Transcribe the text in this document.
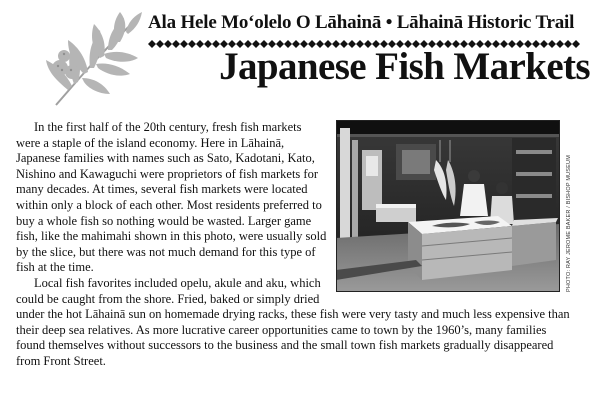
Ala Hele Moʻolelo O Lāhainā • Lāhainā Historic Trail
Japanese Fish Markets
PHOTO: RAY JEROME BAKER / BISHOP MUSEUM

In the first half of the 20th century, fresh fish markets were a staple of the island economy. Here in Lāhainā, Japanese families with names such as Sato, Kadotani, Kato, Nishino and Kawaguchi were proprietors of fish markets for many decades. At times, several fish markets were located within only a block of each other. Most residents preferred to buy a whole fish so nothing would be wasted. Larger game fish, like the mahimahi shown in this photo, were usually sold by the slice, but there was not much demand for this type of fish at the time.

Local fish favorites included opelu, akule and aku, which could be caught from the shore. Fried, baked or simply dried under the hot Lāhainā sun on homemade drying racks, these fish were very tasty and much less expensive than their deep sea relatives. As more lucrative career opportunities came to town by the 1960’s, many families found themselves without successors to the business and the small town fish markets gradually disappeared from Front Street.
